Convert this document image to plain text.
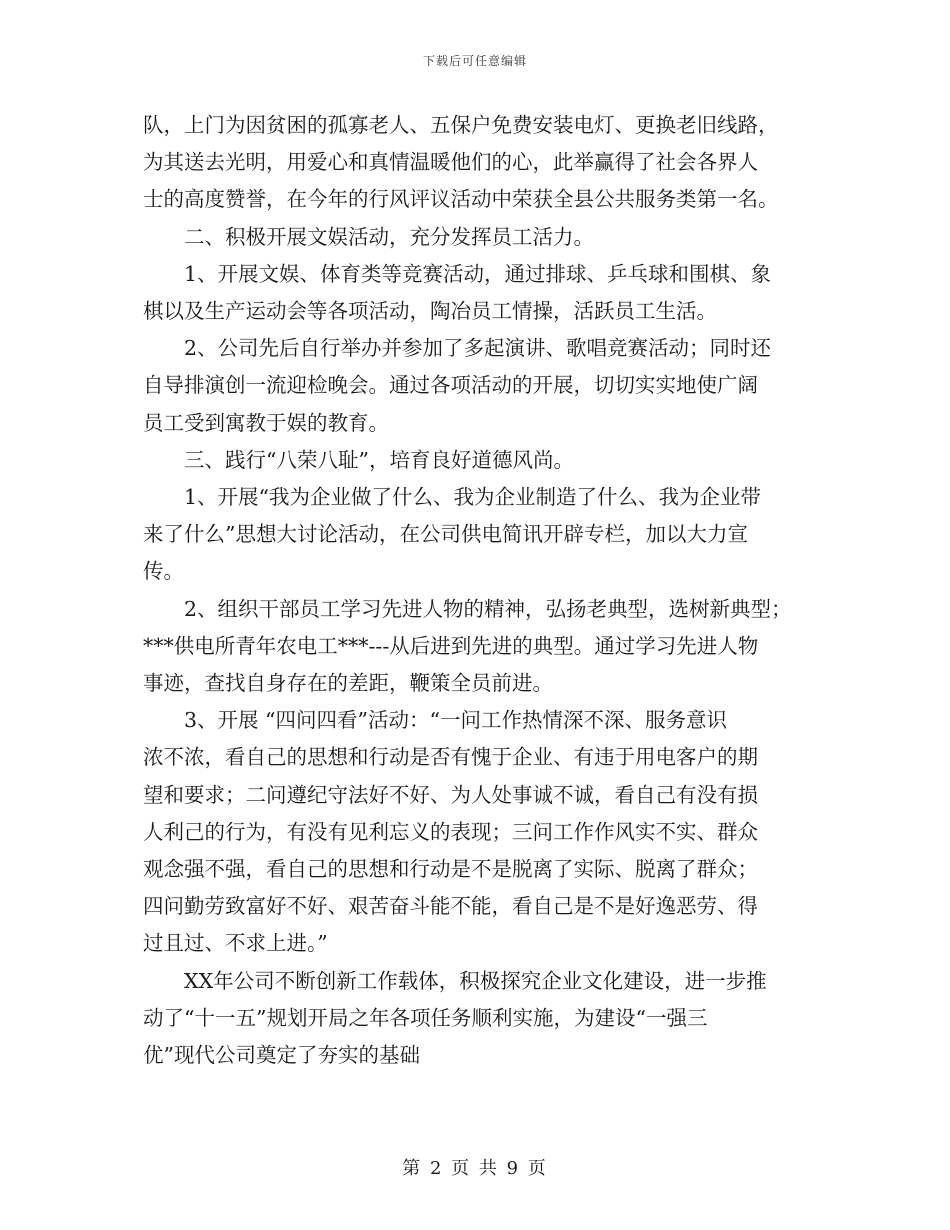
下载后可任意编辑

队，上门为因贫困的孤寡老人、五保户免费安装电灯、更换老旧线路，
为其送去光明，用爱心和真情温暖他们的心，此举赢得了社会各界人
士的高度赞誉，在今年的行风评议活动中荣获全县公共服务类第一名。

二、积极开展文娱活动，充分发挥员工活力。

1、开展文娱、体育类等竞赛活动，通过排球、乒乓球和围棋、象
棋以及生产运动会等各项活动，陶冶员工情操，活跃员工生活。

2、公司先后自行举办并参加了多起演讲、歌唱竞赛活动；同时还
自导排演创一流迎检晚会。通过各项活动的开展，切切实实地使广阔
员工受到寓教于娱的教育。

三、践行“八荣八耻”，培育良好道德风尚。

1、开展“我为企业做了什么、我为企业制造了什么、我为企业带
来了什么”思想大讨论活动，在公司供电简讯开辟专栏，加以大力宣
传。

2、组织干部员工学习先进人物的精神，弘扬老典型，选树新典型；
***供电所青年农电工***---从后进到先进的典型。通过学习先进人物
事迹，查找自身存在的差距，鞭策全员前进。

3、开展 “四问四看”活动：“一问工作热情深不深、服务意识
浓不浓，看自己的思想和行动是否有愧于企业、有违于用电客户的期
望和要求；二问遵纪守法好不好、为人处事诚不诚，看自己有没有损
人利己的行为，有没有见利忘义的表现；三问工作作风实不实、群众
观念强不强，看自己的思想和行动是不是脱离了实际、脱离了群众；
四问勤劳致富好不好、艰苦奋斗能不能，看自己是不是好逸恶劳、得
过且过、不求上进。”

XX年公司不断创新工作载体，积极探究企业文化建设，进一步推
动了“十一五”规划开局之年各项任务顺利实施，为建设“一强三
优”现代公司奠定了夯实的基础

第 2 页 共 9 页
